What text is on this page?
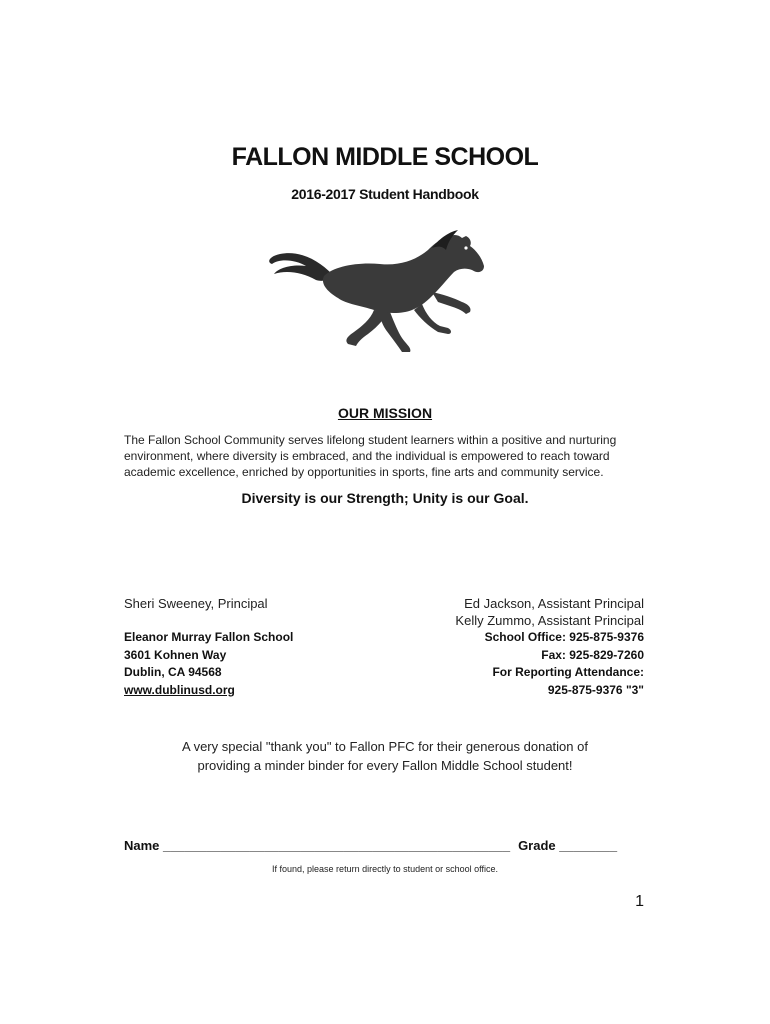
FALLON MIDDLE SCHOOL
2016-2017 Student Handbook
OUR MISSION
The Fallon School Community serves lifelong student learners within a positive and nurturing environment, where diversity is embraced, and the individual is empowered to reach toward academic excellence, enriched by opportunities in sports, fine arts and community service.
Diversity is our Strength; Unity is our Goal.
Sheri Sweeney, Principal
Eleanor Murray Fallon School
3601 Kohnen Way
Dublin, CA 94568
www.dublinusd.org
Ed Jackson, Assistant Principal
Kelly Zummo, Assistant Principal
School Office: 925-875-9376
Fax: 925-829-7260
For Reporting Attendance:
925-875-9376 "3"
A very special "thank you" to Fallon PFC for their generous donation of
providing a minder binder for every Fallon Middle School student!
Name ________________________________________________ Grade ________
If found, please return directly to student or school office.
1
